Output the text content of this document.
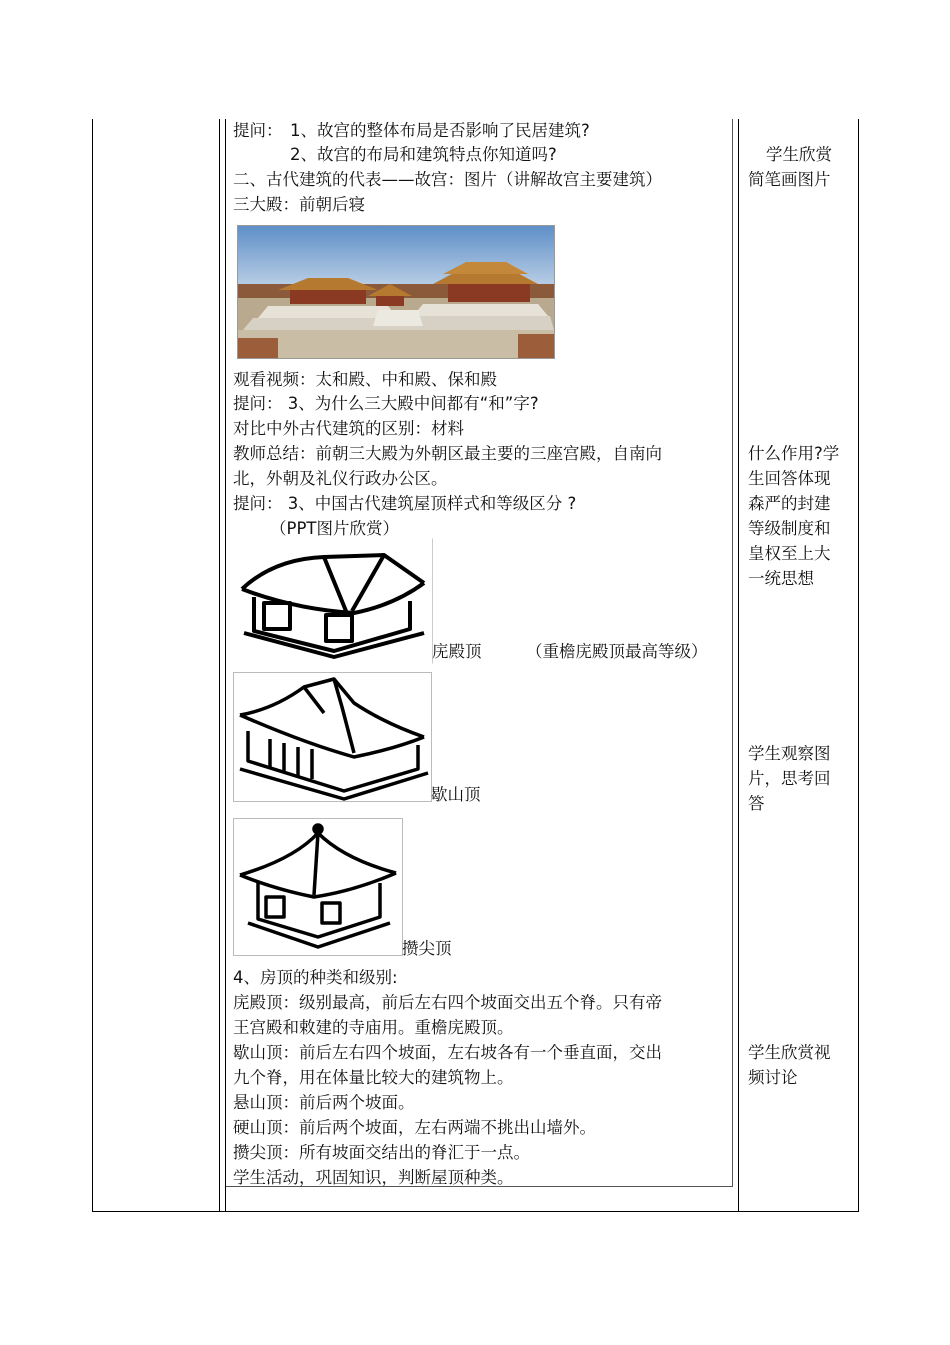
提问： 1、故宫的整体布局是否影响了民居建筑?
2、故宫的布局和建筑特点你知道吗?
二、古代建筑的代表——故宫：图片（讲解故宫主要建筑）
三大殿：前朝后寝
观看视频：太和殿、中和殿、保和殿
提问： 3、为什么三大殿中间都有“和”字?
对比中外古代建筑的区别：材料
教师总结：前朝三大殿为外朝区最主要的三座宫殿，自南向
北，外朝及礼仪行政办公区。
提问： 3、中国古代建筑屋顶样式和等级区分 ?
（PPT图片欣赏）
庑殿顶	（重檐庑殿顶最高等级）
歇山顶
攒尖顶
4、房顶的种类和级别:
庑殿顶：级别最高，前后左右四个坡面交出五个脊。只有帝
王宫殿和敕建的寺庙用。重檐庑殿顶。
歇山顶：前后左右四个坡面，左右坡各有一个垂直面，交出
九个脊，用在体量比较大的建筑物上。
悬山顶：前后两个坡面。
硬山顶：前后两个坡面，左右两端不挑出山墙外。
攒尖顶：所有坡面交结出的脊汇于一点。
学生活动，巩固知识，判断屋顶种类。
学生欣赏简笔画图片
什么作用?学生回答体现森严的封建等级制度和皇权至上大一统思想
学生观察图片，思考回答
学生欣赏视频讨论
